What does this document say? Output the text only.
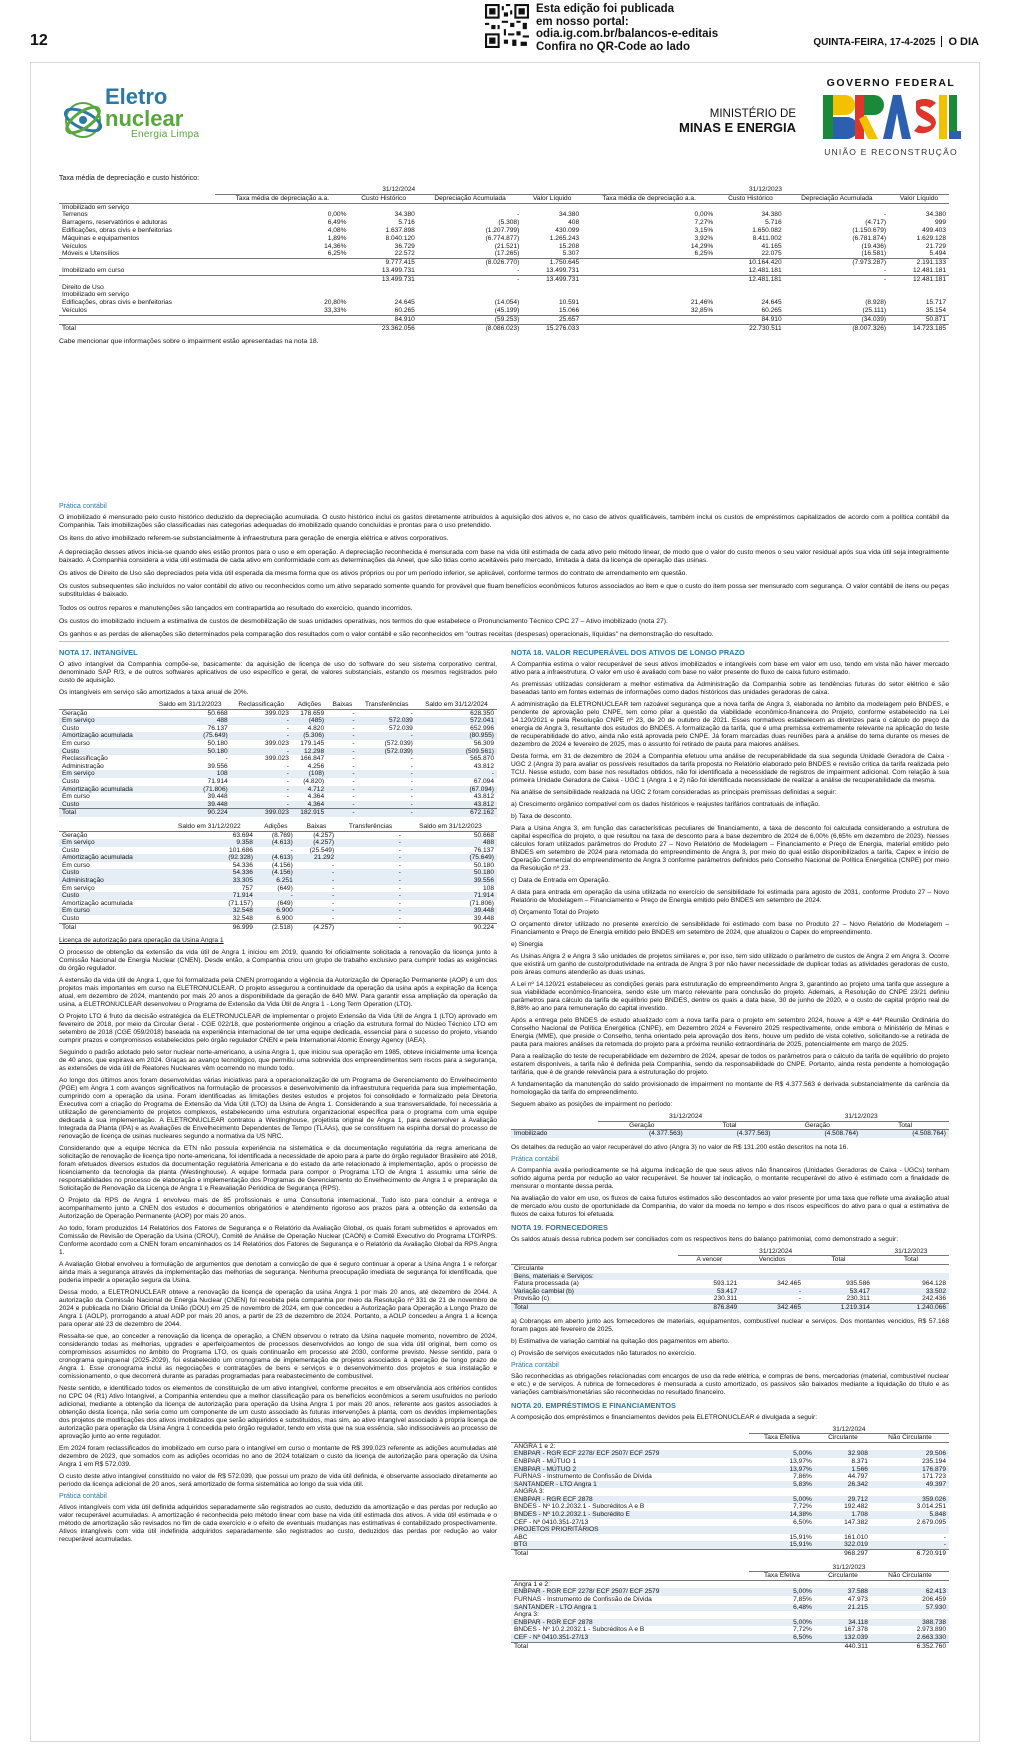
12
Esta edição foi publicada
em nosso portal:
odia.ig.com.br/balancos-e-editais
Confira no QR-Code ao lado	QUINTA-FEIRA, 17-4-2025 O DIA
Eletro
nuclear
Energia Limpa
MINISTÉRIO DE
MINAS E ENERGIA
GOVERNO FEDERAL
UNIÃO E RECONSTRUÇÃO
Taxa média de depreciação e custo histórico:
	31/12/2024				31/12/2023			
	Taxa média de depreciação a.a.	Custo Histórico	Depreciação Acumulada	Valor Líquido	Taxa média de depreciação a.a.	Custo Histórico	Depreciação Acumulada	Valor Líquido
Imobilizado em serviço								
Terrenos	0,00%	34.380	-	34.380	0,00%	34.380	-	34.380
Barragens, reservatórios e adutoras	6,49%	5.716	(5.308)	408	7,27%	5.716	(4.717)	999
Edificações, obras civis e benfeitorias	4,08%	1.637.898	(1.207.799)	430.099	3,15%	1.650.082	(1.150.679)	499.403
Máquinas e equipamentos	1,89%	8.040.120	(6.774.877)	1.265.243	3,92%	8.411.002	(6.781.874)	1.629.128
Veículos	14,36%	36.729	(21.521)	15.208	14,29%	41.165	(19.436)	21.729
Móveis e Utensílios	6,25%	22.572	(17.265)	5.307	6,25%	22.075	(16.581)	5.494
		9.777.415	(8.026.770)	1.750.645		10.164.420	(7.973.287)	2.191.133

Imobilizado em curso		13.499.731	-	13.499.731		12.481.181	-	12.481.181
		13.499.731	-	13.499.731		12.481.181	-	12.481.181
Direito de Uso								
Imobilizado em serviço								
Edificações, obras civis e benfeitorias	20,80%	24.645	(14.054)	10.591	21,46%	24.645	(8.928)	15.717
Veículos	33,33%	60.265	(45.199)	15.066	32,85%	60.265	(25.111)	35.154

		84.910	(59.253)	25.657		84.910	(34.039)	50.871

Total		23.362.056	(8.086.023)	15.276.033		22.730.511	(8.007.326)	14.723.185
Cabe mencionar que informações sobre o impairment estão apresentadas na nota 18.
Prática contábil

O imobilizado é mensurado pelo custo histórico deduzido da depreciação acumulada. O custo histórico inclui os gastos diretamente atribuídos à aquisição dos ativos e, no caso de ativos qualificáveis, também inclui os custos de empréstimos capitalizados de acordo com a política contábil da Companhia. Tais imobilizações são classificadas nas categorias adequadas do imobilizado quando concluídas e prontas para o uso pretendido.

Os itens do ativo imobilizado referem-se substancialmente à infraestrutura para geração de energia elétrica e ativos corporativos.

A depreciação desses ativos inicia-se quando eles estão prontos para o uso e em operação. A depreciação reconhecida é mensurada com base na vida útil estimada de cada ativo pelo método linear, de modo que o valor do custo menos o seu valor residual após sua vida útil seja integralmente baixado. A Companhia considera a vida útil estimada de cada ativo em conformidade com as determinações da Aneel, que são tidas como aceitáveis pelo mercado, limitada à data da licença de operação das usinas.

Os ativos de Direito de Uso são depreciados pela vida útil esperada da mesma forma que os ativos próprios ou por um período inferior, se aplicável, conforme termos do contrato de arrendamento em questão.

Os custos subsequentes são incluídos no valor contábil do ativo ou reconhecidos como um ativo separado somente quando for provável que fluam benefícios econômicos futuros associados ao item e que o custo do item possa ser mensurado com segurança. O valor contábil de itens ou peças substituídas é baixado.

Todos os outros reparos e manutenções são lançados em contrapartida ao resultado do exercício, quando incorridos.

Os custos do imobilizado incluem a estimativa de custos de desmobilização de suas unidades operativas, nos termos do que estabelece o Pronunciamento Técnico CPC 27 – Ativo imobilizado (nota 27).

Os ganhos e as perdas de alienações são determinados pela comparação dos resultados com o valor contábil e são reconhecidos em "outras receitas (despesas) operacionais, líquidas" na demonstração do resultado.

NOTA 17. INTANGÍVEL

O ativo intangível da Companhia compõe-se, basicamente: da aquisição de licença de uso do software do seu sistema corporativo central, denominado SAP R/3, e de outros softwares aplicativos de uso específico e geral, de valores substanciais, estando os mesmos registrados pelo custo de aquisição.

Os intangíveis em serviço são amortizados a taxa anual de 20%.

	Saldo em 31/12/2023	Reclassificação	Adições	Baixas	Transferências	Saldo em 31/12/2024
Geração	50.668	399.023	178.659	-	-	628.350
Em serviço	488	-	(485)	-	572.039	572.041
Custo	76.137	-	4.820	-	572.039	652.996
Amortização acumulada	(75.649)	-	(5.306)	-	-	(80.955)
Em curso	50.180	399.023	179.145	-	(572.039)	56.309
Custo	50.180	-	12.298	-	(572.039)	(509.561)
Reclassificação	-	399.023	166.847	-	-	565.870

Administração	39.556	-	4.256	-	-	43.812
Em serviço	108	-	(108)	-	-	-
Custo	71.914	-	(4.820)	-	-	67.094
Amortização acumulada	(71.806)	-	4.712	-	-	(67.094)
Em curso	39.448	-	4.364	-	-	43.812
Custo	39.448	-	4.364	-	-	43.812

Total	90.224	399.023	182.915	-	-	672.162
	Saldo em 31/12/2022	Adições	Baixas	Transferências	Saldo em 31/12/2023
Geração	63.694	(8.769)	(4.257)	-	50.668
Em serviço	9.358	(4.613)	(4.257)	-	488
Custo	101.686	-	(25.549)	-	76.137
Amortização acumulada	(92.328)	(4.613)	21.292	-	(75.649)
Em curso	54.336	(4.156)	-	-	50.180
Custo	54.336	(4.156)	-	-	50.180

Administração	33.305	6.251	-	-	39.556
Em serviço	757	(649)	-	-	108
Custo	71.914	-	-	-	71.914
Amortização acumulada	(71.157)	(649)	-	-	(71.806)
Em curso	32.548	6.900	-	-	39.448
Custo	32.548	6.900	-	-	39.448

Total	96.999	(2.518)	(4.257)	-	90.224

Licença de autorização para operação da Usina Angra 1

O processo de obtenção da extensão da vida útil de Angra 1 iniciou em 2019, quando foi oficialmente solicitada a renovação da licença junto à Comissão Nacional de Energia Nuclear (CNEN). Desde então, a Companhia criou um grupo de trabalho exclusivo para cumprir todas as exigências do órgão regulador.

A extensão da vida útil de Angra 1, que foi formalizada pela CNEN prorrogando a vigência da Autorização de Operação Permanente (AOP) é um dos projetos mais importantes em curso na ELETRONUCLEAR. O projeto assegurou a continuidade da operação da usina após a expiração da licença atual, em dezembro de 2024, mantendo por mais 20 anos a disponibilidade da geração de 640 MW. Para garantir essa ampliação da operação da usina, a ELETRONUCLEAR desenvolveu o Programa de Extensão da Vida Útil de Angra 1 - Long Term Operation (LTO).

O Projeto LTO é fruto da decisão estratégica da ELETRONUCLEAR de implementar o projeto Extensão da Vida Útil de Angra 1 (LTO) aprovado em fevereiro de 2018, por meio da Circular Geral - CGE 022/18, que posteriormente originou a criação da estrutura formal do Núcleo Técnico LTO em setembro de 2018 (CGE 059/2018) baseada na experiência internacional de ter uma equipe dedicada, essencial para o sucesso do projeto, visando cumprir prazos e compromissos estabelecidos pelo órgão regulador CNEN e pela International Atomic Energy Agency (IAEA).

Seguindo o padrão adotado pelo setor nuclear norte-americano, a usina Angra 1, que iniciou sua operação em 1985, obteve inicialmente uma licença de 40 anos, que expirava em 2024. Graças ao avanço tecnológico, que permitiu uma sobrevida dos empreendimentos sem riscos para a segurança, as extensões de vida útil de Reatores Nucleares vêm ocorrendo no mundo todo.

Ao longo dos últimos anos foram desenvolvidas várias iniciativas para a operacionalização de um Programa de Gerenciamento do Envelhecimento (PGE) em Angra 1 com avanços significativos na formulação de processos e desenvolvimento da infraestrutura requerida para sua implementação, cumprindo com a operação da usina. Foram identificadas as limitações destes estudos e projetos foi consolidado e formalizado pela Diretoria Executiva com a criação do Programa de Extensão da Vida Útil (LTO) da Usina de Angra 1. Considerando a sua transversalidade, foi necessária a utilização de gerenciamento de projetos complexos, estabelecendo uma estrutura organizacional específica para o programa com uma equipe dedicada à sua implementação. A ELETRONUCLEAR contratou a Westinghouse, projetista original de Angra 1, para desenvolver a Avaliação Integrada da Planta (IPA) e as Avaliações de Envelhecimento Dependentes de Tempo (TLAAs), que se constituem na espinha dorsal do processo de renovação de licença de usinas nucleares segundo a normativa da US NRC.

Considerando que a equipe técnica da ETN não possuía experiência na sistemática e da documentação regulatória da regra americana de solicitação de renovação de licença tipo norte-americana, foi identificada a necessidade de apoio para a parte do órgão regulador Brasileiro até 2018, foram efetuados diversos estudos da documentação regulatória Americana e do estado da arte relacionado à implementação, após o processo de licenciamento da tecnologia da planta (Westinghouse). A equipe formada para compor o Programa LTO de Angra 1 assumiu uma série de responsabilidades no processo de elaboração e implementação dos Programas de Gerenciamento do Envelhecimento de Angra 1 e preparação da Solicitação de Renovação da Licença de Angra 1 e Reavaliação Periódica de Segurança (RPS).

O Projeto da RPS de Angra 1 envolveu mais de 85 profissionais e uma Consultoria internacional. Tudo isto para concluir a entrega e acompanhamento junto a CNEN dos estudos e documentos obrigatórios e atendimento rigoroso aos prazos para a obtenção da extensão da Autorização de Operação Permanente (AOP) por mais 20 anos.

Ao todo, foram produzidos 14 Relatórios dos Fatores de Segurança e o Relatório da Avaliação Global, os quais foram submetidos e aprovados em Comissão de Revisão de Operação da Usina (CROU), Comitê de Análise de Operação Nuclear (CAON) e Comitê Executivo do Programa LTO/RPS. Conforme acordado com a CNEN foram encaminhados os 14 Relatórios dos Fatores de Segurança e o Relatório da Avaliação Global da RPS Angra 1.

A Avaliação Global envolveu a formulação de argumentos que denotam a convicção de que é seguro continuar a operar a Usina Angra 1 e reforçar ainda mais a segurança através da implementação das melhorias de segurança. Nenhuma preocupação imediata de segurança foi identificada, que poderia impedir a operação segura da Usina.

Dessa modo, a ELETRONUCLEAR obteve a renovação da licença de operação da usina Angra 1 por mais 20 anos, até dezembro de 2044. A autorização da Comissão Nacional de Energia Nuclear (CNEN) foi recebida pela companhia por meio da Resolução nº 331 de 21 de novembro de 2024 e publicada no Diário Oficial da União (DOU) em 25 de novembro de 2024, em que concedeu a Autorização para Operação a Longo Prazo de Angra 1 (AOLP), prorrogando a atual AOP por mais 20 anos, a partir de 23 de dezembro de 2024. Portanto, a AOLP concedeu a Angra 1 a licença para operar até 23 de dezembro de 2044.

Ressalta-se que, ao conceder a renovação da licença de operação, a CNEN observou o retrato da Usina naquele momento, novembro de 2024, considerando todas as melhorias, upgrades e aperfeiçoamentos de processos desenvolvidos ao longo de sua vida útil original, bem como os compromissos assumidos no âmbito do Programa LTO, os quais continuarão em processo até 2030, conforme previsto. Nesse sentido, para o cronograma quinquenal (2025-2029), foi estabelecido um cronograma de implementação de projetos associados à operação de longo prazo de Angra 1. Esse cronograma inclui as negociações e contratações de bens e serviços e o desenvolvimento dos projetos e sua instalação e comissionamento, o que decorrerá durante as paradas programadas para reabastecimento de combustível.

Neste sentido, e identificado todos os elementos de constituição de um ativo intangível, conforme preceitos e em observância aos critérios contidos no CPC 04 (R1) Ativo Intangível, a Companhia entendeu que a melhor classificação para os benefícios econômicos a serem usufruídos no período adicional, mediante a obtenção da licença de autorização para operação da Usina Angra 1 por mais 20 anos, referente aos gastos associados à obtenção desta licença, não seria como um componente de um custo associado às futuras intervenções à planta, com os devidos implementações dos projetos de modificações dos ativos imobilizados que serão adquiridos e substituídos, mas sim, ao ativo intangível associado à própria licença de autorização para operação da Usina Angra 1 concedida pelo órgão regulador, tendo em vista que na sua essência, são indissociáveis ao processo de aprovação junto ao ente regulador.

Em 2024 foram reclassificados do imobilizado em curso para o intangível em curso o montante de R$ 399.023 referente as adições acumuladas até dezembro de 2023, que somados com as adições ocorridas no ano de 2024 totalizam o custo da licença de autorização para operação da Usina Angra 1 em R$ 572.039.

O custo deste ativo intangível constituído no valor de R$ 572.039, que possui um prazo de vida útil definida, e observante associado diretamente ao período da licença adicional de 20 anos, será amortizado de forma sistemática ao longo da sua vida útil.

Prática contábil

Ativos intangíveis com vida útil definida adquiridos separadamente são registrados ao custo, deduzido da amortização e das perdas por redução ao valor recuperável acumuladas. A amortização é reconhecida pelo método linear com base na vida útil estimada dos ativos. A vida útil estimada e o método de amortização são revisados no fim de cada exercício e o efeito de eventuais mudanças nas estimativas é contabilizado prospectivamente. Ativos intangíveis com vida útil indefinida adquiridos separadamente são registrados ao custo, deduzidos das perdas por redução ao valor recuperável acumuladas.

NOTA 18. VALOR RECUPERÁVEL DOS ATIVOS DE LONGO PRAZO

A Companhia estima o valor recuperável de seus ativos imobilizados e intangíveis com base em valor em uso, tendo em vista não haver mercado ativo para a infraestrutura. O valor em uso é avaliado com base no valor presente do fluxo de caixa futuro estimado.

As premissas utilizadas consideram a melhor estimativa da Administração da Companhia sobre as tendências futuras do setor elétrico e são baseadas tanto em fontes externas de informações como dados históricos das unidades geradoras de caixa.

A administração da ELETRONUCLEAR tem razoável segurança que a nova tarifa de Angra 3, elaborada no âmbito da modelagem pelo BNDES, e pendente de aprovação pelo CNPE, tem como pilar a questão da viabilidade econômico-financeira do Projeto, conforme estabelecido na Lei 14.120/2021 e pela Resolução CNPE nº 23, de 20 de outubro de 2021. Esses normativos estabelecem as diretrizes para o cálculo do preço da energia de Angra 3, resultante dos estudos do BNDES. A formalização da tarifa, que é uma premissa extremamente relevante na aplicação do teste de recuperabilidade do ativo, ainda não está aprovada pelo CNPE. Já foram marcadas duas reuniões para a análise do tema durante os meses de dezembro de 2024 e fevereiro de 2025, mas o assunto foi retirado de pauta para maiores análises.

Desta forma, em 31 de dezembro de 2024 a Companhia efetuou uma análise de recuperabilidade da sua segunda Unidade Geradora de Caixa - UGC 2 (Angra 3) para avaliar os possíveis resultados da tarifa proposta no Relatório elaborado pelo BNDES e revisão crítica da tarifa realizada pelo TCU. Nesse estudo, com base nos resultados obtidos, não foi identificada a necessidade de registros de impairment adicional. Com relação à sua primeira Unidade Geradora de Caixa - UGC 1 (Angra 1 e 2) não foi identificada necessidade de realizar a análise de recuperabilidade da mesma.

Na análise de sensibilidade realizada na UGC 2 foram consideradas as principais premissas definidas a seguir:

a) Crescimento orgânico compatível com os dados históricos e reajustes tarifários contratuais de inflação.

b) Taxa de desconto.

Para a Usina Angra 3, em função das características peculiares de financiamento, a taxa de desconto foi calculada considerando a estrutura de capital específica do projeto, o que resultou na taxa de desconto para a base dezembro de 2024 de 6,00% (6,65% em dezembro de 2023). Nesses cálculos foram utilizados parâmetros do Produto 27 – Novo Relatório de Modelagem – Financiamento e Preço de Energia, material emitido pelo BNDES em setembro de 2024 para retomada do empreendimento de Angra 3, por meio do qual estão disponibilizados a tarifa, Capex e início de Operação Comercial do empreendimento de Angra 3 conforme parâmetros definidos pelo Conselho Nacional de Política Energética (CNPE) por meio da Resolução nº 23.

c) Data de Entrada em Operação.

A data para entrada em operação da usina utilizada no exercício de sensibilidade foi estimada para agosto de 2031, conforme Produto 27 – Novo Relatório de Modelagem – Financiamento e Preço de Energia emitido pelo BNDES em setembro de 2024.

d) Orçamento Total do Projeto

O orçamento diretor utilizado no presente exercício de sensibilidade foi estimado com base no Produto 27 – Novo Relatório de Modelagem – Financiamento e Preço de Energia emitido pelo BNDES em setembro de 2024, que atualizou o Capex do empreendimento.

e) Sinergia

As Usinas Angra 2 e Angra 3 são unidades de projetos similares e, por isso, tem sido utilizado o parâmetro de custos de Angra 2 em Angra 3. Ocorre que existirá um ganho de custo/produtividade na entrada de Angra 3 por não haver necessidade de duplicar todas as atividades geradoras de custo, pois áreas comuns atenderão as duas usinas.

A Lei nº 14.120/21 estabeleceu as condições gerais para estruturação do empreendimento Angra 3, garantindo ao projeto uma tarifa que assegure a sua viabilidade econômico-financeira, sendo este um marco relevante para conclusão do projeto. Ademais, a Resolução do CNPE 23/21 definiu parâmetros para cálculo da tarifa de equilíbrio pelo BNDES, dentre os quais a data base, 30 de junho de 2020, e o custo de capital próprio real de 8,88% ao ano para remuneração do capital investido.

Após a entrega pelo BNDES de estudo atualizado com a nova tarifa para o projeto em setembro 2024, houve a 43ª e 44ª Reunião Ordinária do Conselho Nacional de Política Energética (CNPE), em Dezembro 2024 e Fevereiro 2025 respectivamente, onde embora o Ministério de Minas e Energia (MME), que preside o Conselho, tenha orientado pela aprovação dos itens, houve um pedido de vista coletivo, solicitando-se a retirada de pauta para maiores análises da retomada do projeto para a próxima reunião extraordinária de 2025, potencialmente em março de 2025.

Para a realização do teste de recuperabilidade em dezembro de 2024, apesar de todos os parâmetros para o cálculo da tarifa de equilíbrio do projeto estarem disponíveis, a tarifa não é definida pela Companhia, sendo da responsabilidade do CNPE. Portanto, ainda resta pendente a homologação tarifária, que é de grande relevância para a estruturação do projeto.

A fundamentação da manutenção do saldo provisionado de impairment no montante de R$ 4.377.563 é derivada substancialmente da carência da homologação da tarifa do empreendimento.

Seguem abaixo as posições de impairment no período:

	31/12/2024		31/12/2023	
	Geração	Total	Geração	Total
Imobilizado	(4.377.563)	(4.377.563)	(4.508.764)	(4.508.764)

Os detalhes da redução ao valor recuperável do ativo (Angra 3) no valor de R$ 131.200 estão descritos na nota 16.

Prática contábil

A Companhia avalia periodicamente se há alguma indicação de que seus ativos não financeiros (Unidades Geradoras de Caixa - UGCs) tenham sofrido alguma perda por redução ao valor recuperável. Se houver tal indicação, o montante recuperável do ativo é estimado com a finalidade de mensurar o montante dessa perda.

Na avaliação do valor em uso, os fluxos de caixa futuros estimados são descontados ao valor presente por uma taxa que reflete uma avaliação atual de mercado e/ou custo de oportunidade da Companhia, do valor da moeda no tempo e dos riscos específicos do ativo para o qual a estimativa de fluxos de caixa futuros foi efetuada.

NOTA 19. FORNECEDORES

Os saldos atuais dessa rubrica podem ser conciliados com os respectivos itens do balanço patrimonial, como demonstrado a seguir:

	31/12/2024			31/12/2023
	A vencer	Vencidos	Total	Total
Circulante				
Bens, materiais e Serviços:				
Fatura processada (a)	593.121	342.465	935.586	964.128
Variação cambial (b)	53.417	-	53.417	33.502
Provisão (c)	230.311	-	230.311	242.436
Total	876.849	342.465	1.219.314	1.240.066

a) Cobranças em aberto junto aos fornecedores de materiais, equipamentos, combustível nuclear e serviços. Dos montantes vencidos, R$ 57.168 foram pagos até fevereiro de 2025.

b) Estimativa de variação cambial na quitação dos pagamentos em aberto.

c) Provisão de serviços executados não faturados no exercício.

Prática contábil

São reconhecidas as obrigações relacionadas com encargos de uso da rede elétrica, e compras de bens, mercadorias (material, combustível nuclear e etc.) e de serviços. A rubrica de fornecedores é mensurada a custo amortizado, os passivos são baixados mediante a liquidação do título e as variações cambiais/monetárias são reconhecidas no resultado financeiro.

NOTA 20. EMPRÉSTIMOS E FINANCIAMENTOS

A composição dos empréstimos e financiamentos devidos pela ELETRONUCLEAR é divulgada a seguir:

	31/12/2024		
	Taxa Efetiva	Circulante	Não Circulante
ANGRA 1 e 2:			
ENBPAR - RGR ECF 2278/ ECF 2507/ ECF 2579	5,00%	32.908	29.506
ENBPAR - MÚTUO 1	13,97%	8.371	235.194
ENBPAR - MÚTUO 2	13,97%	1.566	176.879
FURNAS - Instrumento de Confissão de Dívida	7,86%	44.797	171.723
SANTANDER - LTO Angra 1	5,83%	26.342	49.397
ANGRA 3:			
ENBPAR - RGR ECF 2878	5,00%	29.712	359.026
BNDES - Nº 10.2.2032.1 - Subcréditos A e B	7,72%	192.482	3.014.251
BNDES - Nº 10.2.2032.1 - Subcrédito E	14,38%	1.708	5.848
CEF - Nº 0410.351-27/13	6,50%	147.382	2.679.095
PROJETOS PRIORITÁRIOS			
ABC	15,91%	161.010	-
BTG	15,91%	322.019	-
Total		968.297	6.720.919
	31/12/2023		
	Taxa Efetiva	Circulante	Não Circulante
Angra 1 e 2:			
ENBPAR - RGR ECF 2278/ ECF 2507/ ECF 2579	5,00%	37.588	62.413
FURNAS - Instrumento de Confissão de Dívida	7,85%	47.973	206.459
SANTANDER - LTO Angra 1	6,48%	21.215	57.930
Angra 3:			
ENBPAR - RGR ECF 2878	5,00%	34.118	388.738
BNDES - Nº 10.2.2032.1 - Subcréditos A e B	7,72%	167.378	2.973.890
CEF - Nº 0410.351-27/13	6,50%	132.039	2.663.330
Total		440.311	6.352.760
